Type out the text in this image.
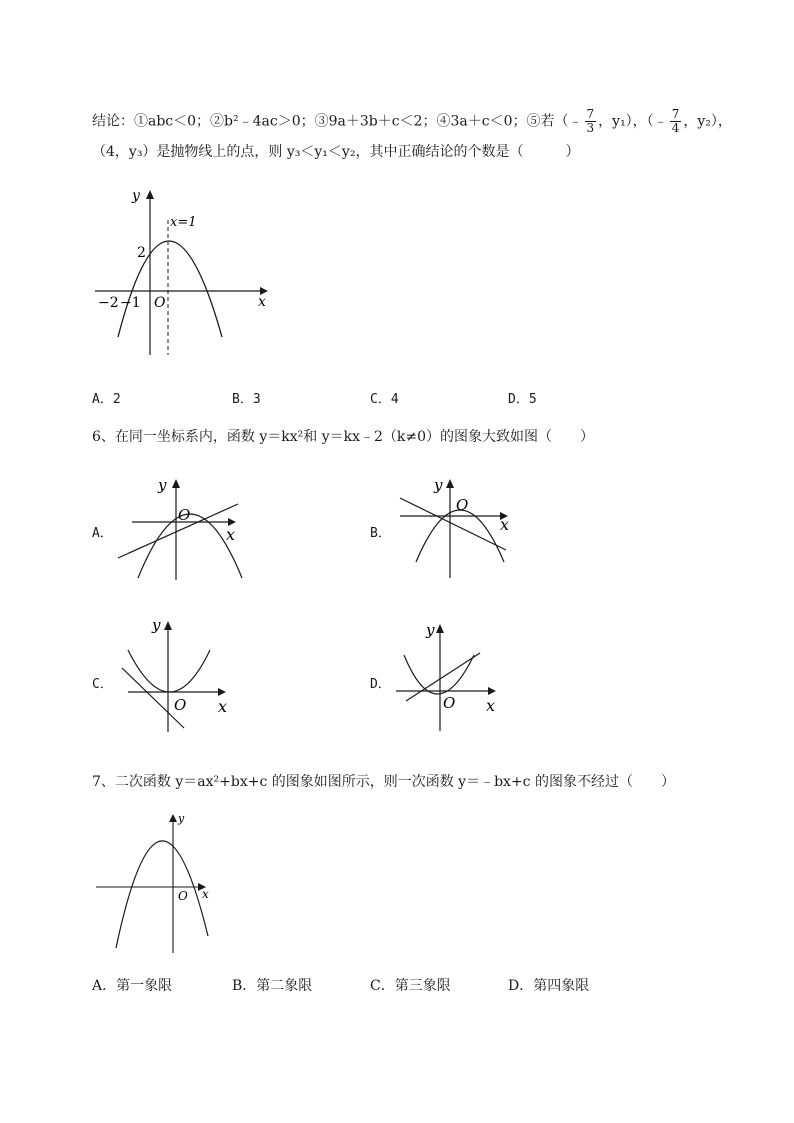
结论：①abc＜0；②b²﹣4ac＞0；③9a＋3b＋c＜2；④3a＋c＜0；⑤若（﹣ $\frac{7}{3}$ ，y₁），（﹣ $\frac{7}{4}$ ，y₂），
（4，y₃）是抛物线上的点，则 y₃＜y₁＜y₂，其中正确结论的个数是（　　　）
y
x
x=1
2
−2 −1 O
A．2	B．3	C．4	D．5
6、在同一坐标系内，函数 y＝kx²和 y＝kx﹣2（k≠0）的图象大致如图（　　）
A．
y
x
O
B．
y
x
O
C．
y
x
O
D．
y
x
O
7、二次函数 y＝ax²+bx+c 的图象如图所示，则一次函数 y＝﹣bx+c 的图象不经过（　　）
y
x
O
A．第一象限	B．第二象限	C．第三象限	D．第四象限
